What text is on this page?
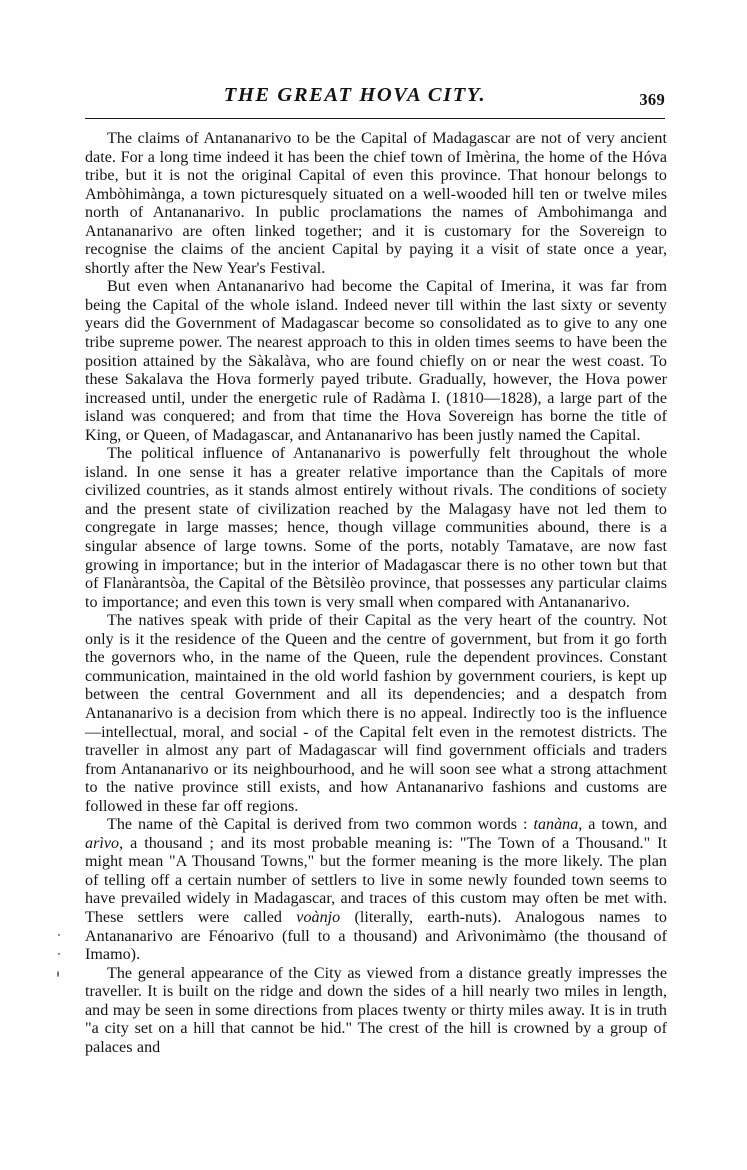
THE GREAT HOVA CITY.	369

The claims of Antananarivo to be the Capital of Madagascar are not of very ancient date. For a long time indeed it has been the chief town of Imèrina, the home of the Hóva tribe, but it is not the original Capital of even this province. That honour belongs to Ambòhimànga, a town picturesquely situated on a well-wooded hill ten or twelve miles north of Antananarivo. In public proclamations the names of Ambohimanga and Antananarivo are often linked together; and it is customary for the Sovereign to recognise the claims of the ancient Capital by paying it a visit of state once a year, shortly after the New Year's Festival.

But even when Antananarivo had become the Capital of Imerina, it was far from being the Capital of the whole island. Indeed never till within the last sixty or seventy years did the Government of Madagascar become so consolidated as to give to any one tribe supreme power. The nearest approach to this in olden times seems to have been the position attained by the Sàkalàva, who are found chiefly on or near the west coast. To these Sakalava the Hova formerly payed tribute. Gradually, however, the Hova power increased until, under the energetic rule of Radàma I. (1810—1828), a large part of the island was conquered; and from that time the Hova Sovereign has borne the title of King, or Queen, of Madagascar, and Antananarivo has been justly named the Capital.

The political influence of Antananarivo is powerfully felt throughout the whole island. In one sense it has a greater relative importance than the Capitals of more civilized countries, as it stands almost entirely without rivals. The conditions of society and the present state of civilization reached by the Malagasy have not led them to congregate in large masses; hence, though village communities abound, there is a singular absence of large towns. Some of the ports, notably Tamatave, are now fast growing in importance; but in the interior of Madagascar there is no other town but that of Flanàrantsòa, the Capital of the Bètsilèo province, that possesses any particular claims to importance; and even this town is very small when compared with Antananarivo.

The natives speak with pride of their Capital as the very heart of the country. Not only is it the residence of the Queen and the centre of government, but from it go forth the governors who, in the name of the Queen, rule the dependent provinces. Constant communication, maintained in the old world fashion by government couriers, is kept up between the central Government and all its dependencies; and a despatch from Antananarivo is a decision from which there is no appeal. Indirectly too is the influence—intellectual, moral, and social - of the Capital felt even in the remotest districts. The traveller in almost any part of Madagascar will find government officials and traders from Antananarivo or its neighbourhood, and he will soon see what a strong attachment to the native province still exists, and how Antananarivo fashions and customs are followed in these far off regions.

The name of thè Capital is derived from two common words : tanàna, a town, and arìvo, a thousand ; and its most probable meaning is: "The Town of a Thousand." It might mean "A Thousand Towns," but the former meaning is the more likely. The plan of telling off a certain number of settlers to live in some newly founded town seems to have prevailed widely in Madagascar, and traces of this custom may often be met with. These settlers were called voànjo (literally, earth-nuts). Analogous names to Antananarivo are Fénoarivo (full to a thousand) and Arìvonimàmo (the thousand of Imamo).

The general appearance of the City as viewed from a distance greatly impresses the traveller. It is built on the ridge and down the sides of a hill nearly two miles in length, and may be seen in some directions from places twenty or thirty miles away. It is in truth "a city set on a hill that cannot be hid." The crest of the hill is crowned by a group of palaces and
